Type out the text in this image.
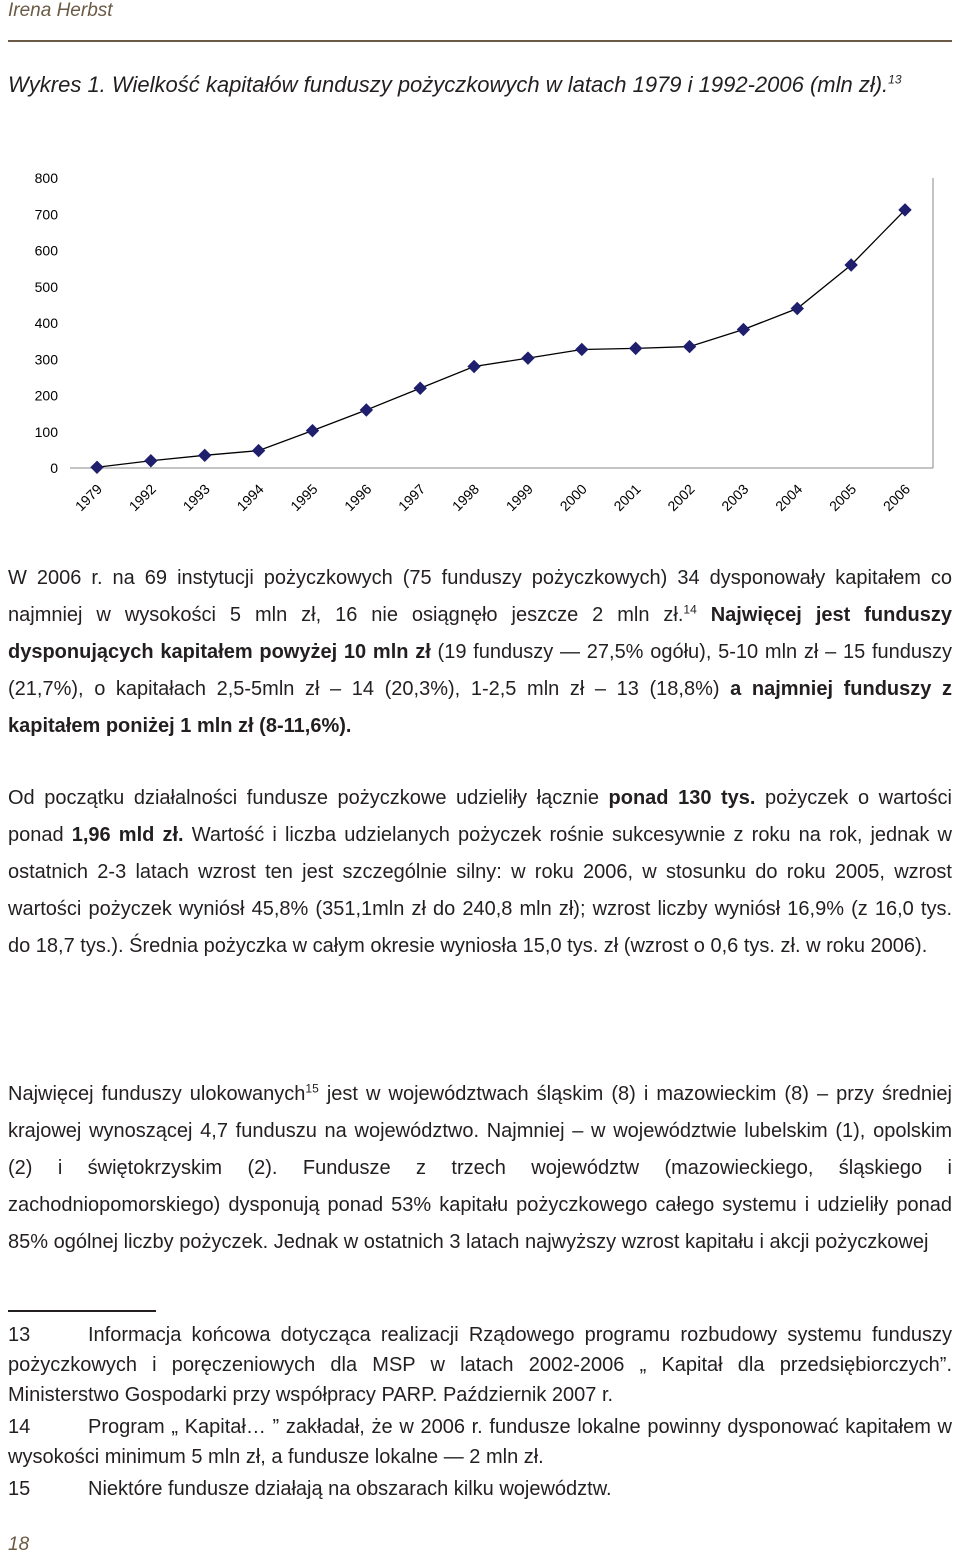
Irena Herbst
Wykres 1. Wielkość kapitałów funduszy pożyczkowych w latach 1979 i 1992-2006 (mln zł).$^{13}$
0
100
200
300
400
500
600
700
800
1979 1992 1993 1994 1995 1996 1997 1998 1999 2000 2001 2002 2003 2004 2005 2006
W 2006 r. na 69 instytucji pożyczkowych (75 funduszy pożyczkowych) 34 dysponowały kapitałem co najmniej w wysokości 5 mln zł, 16 nie osiągnęło jeszcze 2 mln zł.$^{14}$ Najwięcej jest funduszy dysponujących kapitałem powyżej 10 mln zł (19 funduszy — 27,5% ogółu), 5-10 mln zł – 15 funduszy (21,7%), o kapitałach 2,5-5mln zł – 14 (20,3%), 1-2,5 mln zł – 13 (18,8%) a najmniej funduszy z kapitałem poniżej 1 mln zł (8-11,6%).
Od początku działalności fundusze pożyczkowe udzieliły łącznie ponad 130 tys. pożyczek o wartości ponad 1,96 mld zł. Wartość i liczba udzielanych pożyczek rośnie sukcesywnie z roku na rok, jednak w ostatnich 2-3 latach wzrost ten jest szczególnie silny: w roku 2006, w stosunku do roku 2005, wzrost wartości pożyczek wyniósł 45,8% (351,1mln zł do 240,8 mln zł); wzrost liczby wyniósł 16,9% (z 16,0 tys. do 18,7 tys.). Średnia pożyczka w całym okresie wyniosła 15,0 tys. zł (wzrost o 0,6 tys. zł. w roku 2006).
Najwięcej funduszy ulokowanych$^{15}$ jest w województwach śląskim (8) i mazowieckim (8) – przy średniej krajowej wynoszącej 4,7 funduszu na województwo. Najmniej – w województwie lubelskim (1), opolskim (2) i świętokrzyskim (2). Fundusze z trzech województw (mazowieckiego, śląskiego i zachodniopomorskiego) dysponują ponad 53% kapitału pożyczkowego całego systemu i udzieliły ponad 85% ogólnej liczby pożyczek. Jednak w ostatnich 3 latach najwyższy wzrost kapitału i akcji pożyczkowej

13	Informacja końcowa dotycząca realizacji Rządowego programu rozbudowy systemu funduszy pożyczkowych i poręczeniowych dla MSP w latach 2002-2006 „ Kapitał dla przedsiębiorczych”. Ministerstwo Gospodarki przy współpracy PARP. Październik 2007 r.

14	Program „ Kapitał… ” zakładał, że w 2006 r. fundusze lokalne powinny dysponować kapitałem w wysokości minimum 5 mln zł, a fundusze lokalne — 2 mln zł.

15	Niektóre fundusze działają na obszarach kilku województw.

18
